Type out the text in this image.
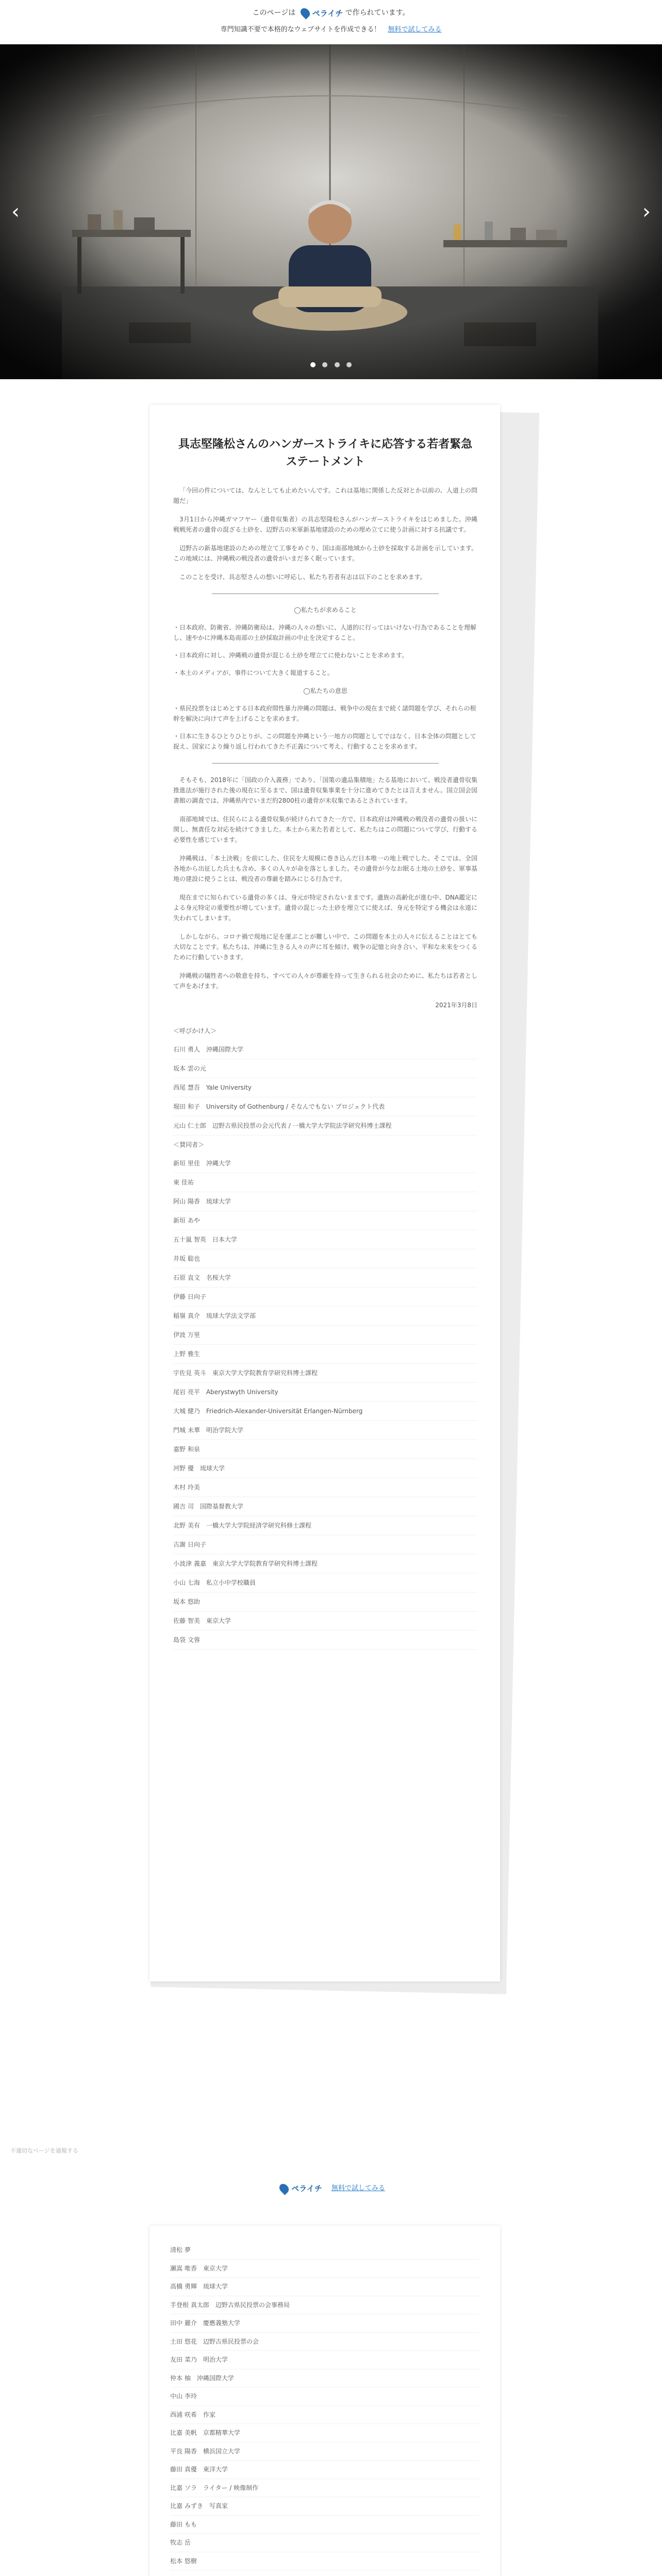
このページは ペライチ で作られています。
専門知識不要で本格的なウェブサイトを作成できる！ 無料で試してみる
‹	›

具志堅隆松さんのハンガーストライキに応答する若者緊急ステートメント

「今回の件については、なんとしても止めたいんです。これは基地に関係した反対とか以前の、人道上の問題だ」

3月1日から沖縄ガマフヤー（遺骨収集者）の具志堅隆松さんがハンガーストライキをはじめました。沖縄戦戦死者の遺骨の混ざる土砂を、辺野古の米軍新基地建設のための埋め立てに使う計画に対する抗議です。

辺野古の新基地建設のための埋立て工事をめぐり、国は南部地域から土砂を採取する計画を示しています。この地域には、沖縄戦の戦没者の遺骨がいまだ多く眠っています。

このことを受け、具志堅さんの想いに呼応し、私たち若者有志は以下のことを求めます。

◯私たちが求めること

・日本政府、防衛省、沖縄防衛局は、沖縄の人々の想いに、人道的に行ってはいけない行為であることを理解し、速やかに沖縄本島南部の土砂採取計画の中止を決定すること。

・日本政府に対し、沖縄戦の遺骨が混じる土砂を埋立てに使わないことを求めます。

・本土のメディアが、事件について大きく報道すること。

◯私たちの意思

・県民投票をはじめとする日本政府間性暴力沖縄の問題は、戦争中の現在まで続く諸問題を学び、それらの根幹を解決に向けて声を上げることを求めます。

・日本に生きるひとりひとりが、この問題を沖縄という一地方の問題としてではなく、日本全体の問題として捉え、国家により繰り返し行われてきた不正義について考え、行動することを求めます。

そもそも、2018年に「国政の介入義務」であり、「国策の遺品集積地」たる基地において、戦没者遺骨収集推進法が施行された後の現在に至るまで、国は遺骨収集事業を十分に進めてきたとは言えません。国立国会図書館の調査では、沖縄県内でいまだ約2800柱の遺骨が未収集であるとされています。

南部地域では、住民らによる遺骨収集が続けられてきた一方で、日本政府は沖縄戦の戦没者の遺骨の扱いに関し、無責任な対応を続けてきました。本土から来た若者として、私たちはこの問題について学び、行動する必要性を感じています。

沖縄戦は、「本土決戦」を前にした、住民を大規模に巻き込んだ日本唯一の地上戦でした。そこでは、全国各地から出征した兵士も含め、多くの人々が命を落としました。その遺骨が今なお眠る土地の土砂を、軍事基地の建設に使うことは、戦没者の尊厳を踏みにじる行為です。

現在までに知られている遺骨の多くは、身元が特定されないままです。遺族の高齢化が進む中、DNA鑑定による身元特定の重要性が増しています。遺骨の混じった土砂を埋立てに使えば、身元を特定する機会は永遠に失われてしまいます。

しかしながら、コロナ禍で現地に足を運ぶことが難しい中で、この問題を本土の人々に伝えることはとても大切なことです。私たちは、沖縄に生きる人々の声に耳を傾け、戦争の記憶と向き合い、平和な未来をつくるために行動していきます。

沖縄戦の犠牲者への敬意を持ち、すべての人々が尊厳を持って生きられる社会のために、私たちは若者として声をあげます。

2021年3月8日
＜呼びかけ人＞
石川 勇人　沖縄国際大学
坂本 雲の元
西尾 慧吾　Yale University
堀田 和子　University of Gothenburg / そなんでもない プロジェクト代表
元山 仁士郎　辺野古県民投票の会元代表 / 一橋大学大学院法学研究科博士課程
＜賛同者＞
新垣 里佳　沖縄大学
東 佳祐
阿山 陽香　琉球大学
新垣 あや
五十嵐 智英　日本大学
井坂 聡也
石原 直文　名桜大学
伊藤 日向子
稲嶺 真介　琉球大学法文学部
伊波 万里
上野 雅生
宇佐見 英斗　東京大学大学院教育学研究科博士課程
尾岩 亮平　Aberystwyth University
大城 健乃　Friedrich-Alexander-Universität Erlangen-Nürnberg
門城 未華　明治学院大学
嘉野 和泉
河野 優　琉球大学
木村 玲美
國吉 司　国際基督教大学
北野 美有　一橋大学大学院経済学研究科修士課程
古謝 日向子
小波津 義嘉　東京大学大学院教育学研究科博士課程
小山 七海　私立小中学校職員
坂本 悠助
佐藤 智美　東京大学
島袋 文蓉
不適切なページを通報する
ペライチ 無料で試してみる
清松 夢　
瀬嵩 唯香　東京大学
高橋 勇輝　琉球大学
手登根 真太郎　辺野古県民投票の会事務局
田中 麗介　慶應義塾大学
土田 悠花　辺野古県民投票の会
友田 菜乃　明治大学
仲本 柚　沖縄国際大学
中山 李玲
西浦 咲希　作家
比嘉 美帆　京都精華大学
平良 陽香　横浜国立大学
藤田 真優　東洋大学
比嘉 ソラ　ライター / 映像制作
比嘉 みずき　写真家
藤田 もも
牧志 岳
松本 悠樹
